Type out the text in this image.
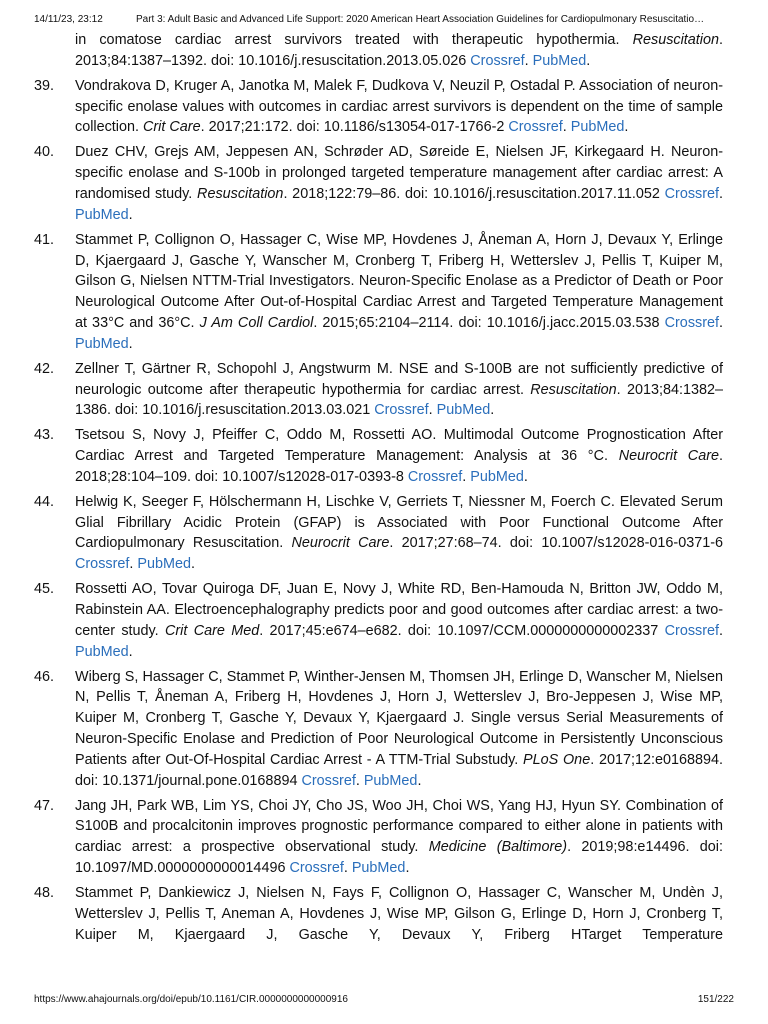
14/11/23, 23:12	Part 3: Adult Basic and Advanced Life Support: 2020 American Heart Association Guidelines for Cardiopulmonary Resuscitatio…
in comatose cardiac arrest survivors treated with therapeutic hypothermia. Resuscitation. 2013;84:1387–1392. doi: 10.1016/j.resuscitation.2013.05.026 Crossref. PubMed.
39.	Vondrakova D, Kruger A, Janotka M, Malek F, Dudkova V, Neuzil P, Ostadal P. Association of neuron-specific enolase values with outcomes in cardiac arrest survivors is dependent on the time of sample collection. Crit Care. 2017;21:172. doi: 10.1186/s13054-017-1766-2 Crossref. PubMed.
40.	Duez CHV, Grejs AM, Jeppesen AN, Schrøder AD, Søreide E, Nielsen JF, Kirkegaard H. Neuron-specific enolase and S-100b in prolonged targeted temperature management after cardiac arrest: A randomised study. Resuscitation. 2018;122:79–86. doi: 10.1016/j.resuscitation.2017.11.052 Crossref. PubMed.
41.	Stammet P, Collignon O, Hassager C, Wise MP, Hovdenes J, Åneman A, Horn J, Devaux Y, Erlinge D, Kjaergaard J, Gasche Y, Wanscher M, Cronberg T, Friberg H, Wetterslev J, Pellis T, Kuiper M, Gilson G, Nielsen NTTM-Trial Investigators. Neuron-Specific Enolase as a Predictor of Death or Poor Neurological Outcome After Out-of-Hospital Cardiac Arrest and Targeted Temperature Management at 33°C and 36°C. J Am Coll Cardiol. 2015;65:2104–2114. doi: 10.1016/j.jacc.2015.03.538 Crossref. PubMed.
42.	Zellner T, Gärtner R, Schopohl J, Angstwurm M. NSE and S-100B are not sufficiently predictive of neurologic outcome after therapeutic hypothermia for cardiac arrest. Resuscitation. 2013;84:1382–1386. doi: 10.1016/j.resuscitation.2013.03.021 Crossref. PubMed.
43.	Tsetsou S, Novy J, Pfeiffer C, Oddo M, Rossetti AO. Multimodal Outcome Prognostication After Cardiac Arrest and Targeted Temperature Management: Analysis at 36 °C. Neurocrit Care. 2018;28:104–109. doi: 10.1007/s12028-017-0393-8 Crossref. PubMed.
44.	Helwig K, Seeger F, Hölschermann H, Lischke V, Gerriets T, Niessner M, Foerch C. Elevated Serum Glial Fibrillary Acidic Protein (GFAP) is Associated with Poor Functional Outcome After Cardiopulmonary Resuscitation. Neurocrit Care. 2017;27:68–74. doi: 10.1007/s12028-016-0371-6 Crossref. PubMed.
45.	Rossetti AO, Tovar Quiroga DF, Juan E, Novy J, White RD, Ben-Hamouda N, Britton JW, Oddo M, Rabinstein AA. Electroencephalography predicts poor and good outcomes after cardiac arrest: a two-center study. Crit Care Med. 2017;45:e674–e682. doi: 10.1097/CCM.0000000000002337 Crossref. PubMed.
46.	Wiberg S, Hassager C, Stammet P, Winther-Jensen M, Thomsen JH, Erlinge D, Wanscher M, Nielsen N, Pellis T, Åneman A, Friberg H, Hovdenes J, Horn J, Wetterslev J, Bro-Jeppesen J, Wise MP, Kuiper M, Cronberg T, Gasche Y, Devaux Y, Kjaergaard J. Single versus Serial Measurements of Neuron-Specific Enolase and Prediction of Poor Neurological Outcome in Persistently Unconscious Patients after Out-Of-Hospital Cardiac Arrest - A TTM-Trial Substudy. PLoS One. 2017;12:e0168894. doi: 10.1371/journal.pone.0168894 Crossref. PubMed.
47.	Jang JH, Park WB, Lim YS, Choi JY, Cho JS, Woo JH, Choi WS, Yang HJ, Hyun SY. Combination of S100B and procalcitonin improves prognostic performance compared to either alone in patients with cardiac arrest: a prospective observational study. Medicine (Baltimore). 2019;98:e14496. doi: 10.1097/MD.0000000000014496 Crossref. PubMed.
48.	Stammet P, Dankiewicz J, Nielsen N, Fays F, Collignon O, Hassager C, Wanscher M, Undèn J, Wetterslev J, Pellis T, Aneman A, Hovdenes J, Wise MP, Gilson G, Erlinge D, Horn J, Cronberg T, Kuiper M, Kjaergaard J, Gasche Y, Devaux Y, Friberg HTarget Temperature
https://www.ahajournals.org/doi/epub/10.1161/CIR.0000000000000916	151/222
